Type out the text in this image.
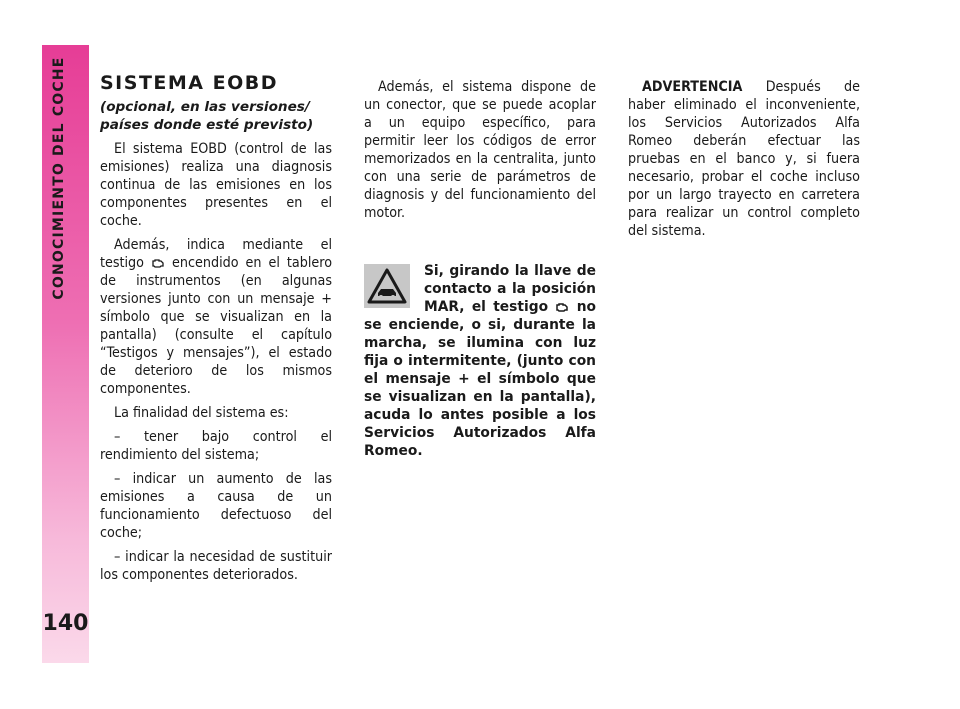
CONOCIMIENTO DEL COCHE
140
SISTEMA EOBD
(opcional, en las versiones/ países donde esté previsto)

El sistema EOBD (control de las emisiones) realiza una diagnosis continua de las emisiones en los componentes presentes en el coche.

Además, indica mediante el testigo encendido en el tablero de instrumentos (en algunas versiones junto con un mensaje + símbolo que se visualizan en la pantalla) (consulte el capítulo “Testigos y mensajes”), el estado de deterioro de los mismos componentes.

La finalidad del sistema es:

– tener bajo control el rendimiento del sistema;

– indicar un aumento de las emisiones a causa de un funcionamiento defectuoso del coche;

– indicar la necesidad de sustituir los componentes deteriorados.

Además, el sistema dispone de un conector, que se puede acoplar a un equipo específico, para permitir leer los códigos de error memorizados en la centralita, junto con una serie de parámetros de diagnosis y del funcionamiento del motor.

Si, girando la llave de contacto a la posición MAR, el testigo no se enciende, o si, durante la marcha, se ilumina con luz fija o intermitente, (junto con el mensaje + el símbolo que se visualizan en la pantalla), acuda lo antes posible a los Servicios Autorizados Alfa Romeo.

ADVERTENCIA Después de haber eliminado el inconveniente, los Servicios Autorizados Alfa Romeo deberán efectuar las pruebas en el banco y, si fuera necesario, probar el coche incluso por un largo trayecto en carretera para realizar un control completo del sistema.
